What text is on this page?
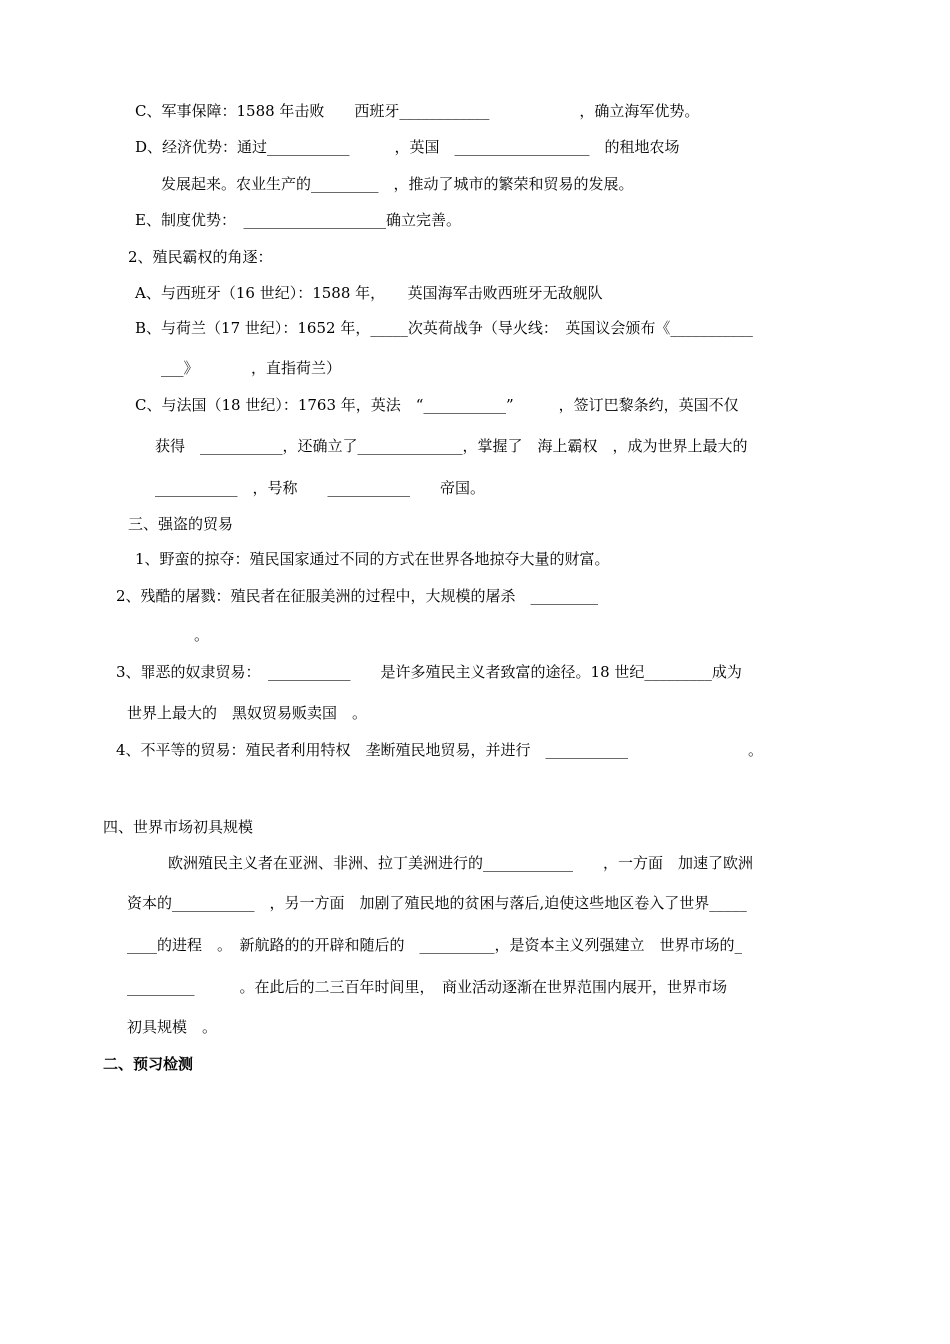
C、军事保障：1588 年击败　　西班牙____________　　　　　　，确立海军优势。
D、经济优势：通过___________　　　，英国　__________________　的租地农场
发展起来。农业生产的_________　，推动了城市的繁荣和贸易的发展。
E、制度优势：　___________________确立完善。
2、殖民霸权的角逐：
A、与西班牙（16 世纪）：1588 年，　　英国海军击败西班牙无敌舰队
B、与荷兰（17 世纪）：1652 年，_____次英荷战争（导火线：　英国议会颁布《___________
___》　　　　，直指荷兰）
C、与法国（18 世纪）：1763 年，英法　“___________”　　　，签订巴黎条约，英国不仅
获得　___________，还确立了______________，掌握了　海上霸权　，成为世界上最大的
___________　，号称　　___________　　帝国。
三、强盗的贸易
1、野蛮的掠夺：殖民国家通过不同的方式在世界各地掠夺大量的财富。
2、残酷的屠戮：殖民者在征服美洲的过程中，大规模的屠杀　_________
。
3、罪恶的奴隶贸易：　___________　　是许多殖民主义者致富的途径。18 世纪_________成为
世界上最大的　黑奴贸易贩卖国　。
4、不平等的贸易：殖民者利用特权　垄断殖民地贸易，并进行　___________　　　　　　　　。
四、世界市场初具规模
欧洲殖民主义者在亚洲、非洲、拉丁美洲进行的____________　　，一方面　加速了欧洲
资本的___________　，另一方面　加剧了殖民地的贫困与落后,迫使这些地区卷入了世界_____
____的进程　。　新航路的的开辟和随后的　__________，是资本主义列强建立　世界市场的_
_________　　　。在此后的二三百年时间里，　商业活动逐渐在世界范围内展开，世界市场
初具规模　。
二、预习检测
